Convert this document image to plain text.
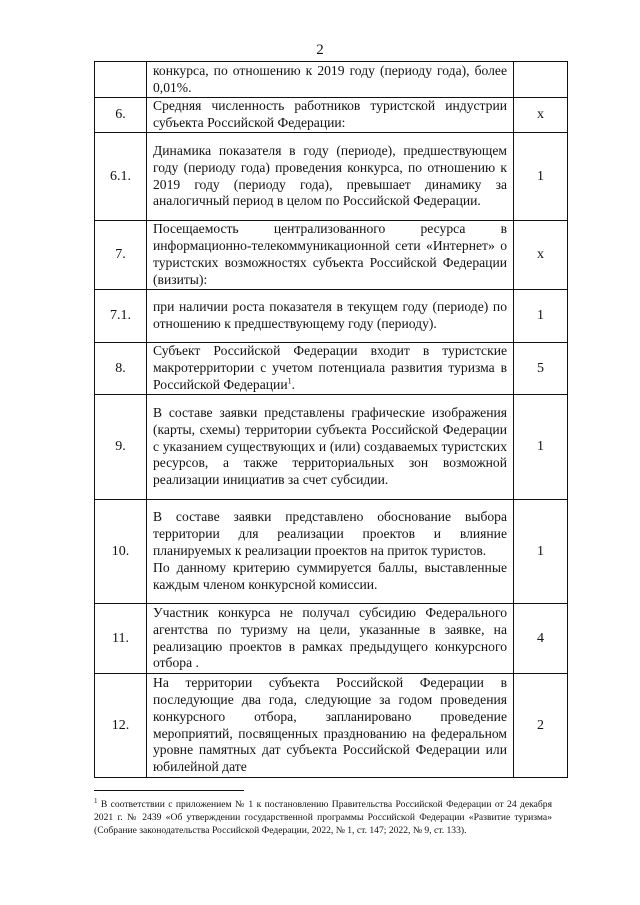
2

	конкурса, по отношению к 2019 году (периоду года), более 0,01%.	

6.	Средняя численность работников туристской индустрии субъекта Российской Федерации:	x
6.1.	Динамика показателя в году (периоде), предшествующем году (периоду года) проведения конкурса, по отношению к 2019 году (периоду года), превышает динамику за аналогичный период в целом по Российской Федерации.	1
7.	Посещаемость централизованного ресурса в информационно-телекоммуникационной сети «Интернет» о туристских возможностях субъекта Российской Федерации (визиты):	x
7.1.	при наличии роста показателя в текущем году (периоде) по отношению к предшествующему году (периоду).	1
8.	Субъект Российской Федерации входит в туристские макротерритории с учетом потенциала развития туризма в Российской Федерации$^1$.	5
9.	В составе заявки представлены графические изображения (карты, схемы) территории субъекта Российской Федерации с указанием существующих и (или) создаваемых туристских ресурсов, а также территориальных зон возможной реализации инициатив за счет субсидии.	1
10.	В составе заявки представлено обоснование выбора территории для реализации проектов и влияние планируемых к реализации проектов на приток туристов.

По данному критерию суммируется баллы, выставленные каждым членом конкурсной комиссии.	1
11.	Участник конкурса не получал субсидию Федерального агентства по туризму на цели, указанные в заявке, на реализацию проектов в рамках предыдущего конкурсного отбора .	4
12.	На территории субъекта Российской Федерации в последующие два года, следующие за годом проведения конкурсного отбора, запланировано проведение мероприятий, посвященных празднованию на федеральном уровне памятных дат субъекта Российской Федерации или юбилейной дате	2
$^1$ В соответствии с приложением № 1 к постановлению Правительства Российской Федерации от 24 декабря 2021 г. № 2439 «Об утверждении государственной программы Российской Федерации «Развитие туризма» (Собрание законодательства Российской Федерации, 2022, № 1, ст. 147; 2022, № 9, ст. 133).
